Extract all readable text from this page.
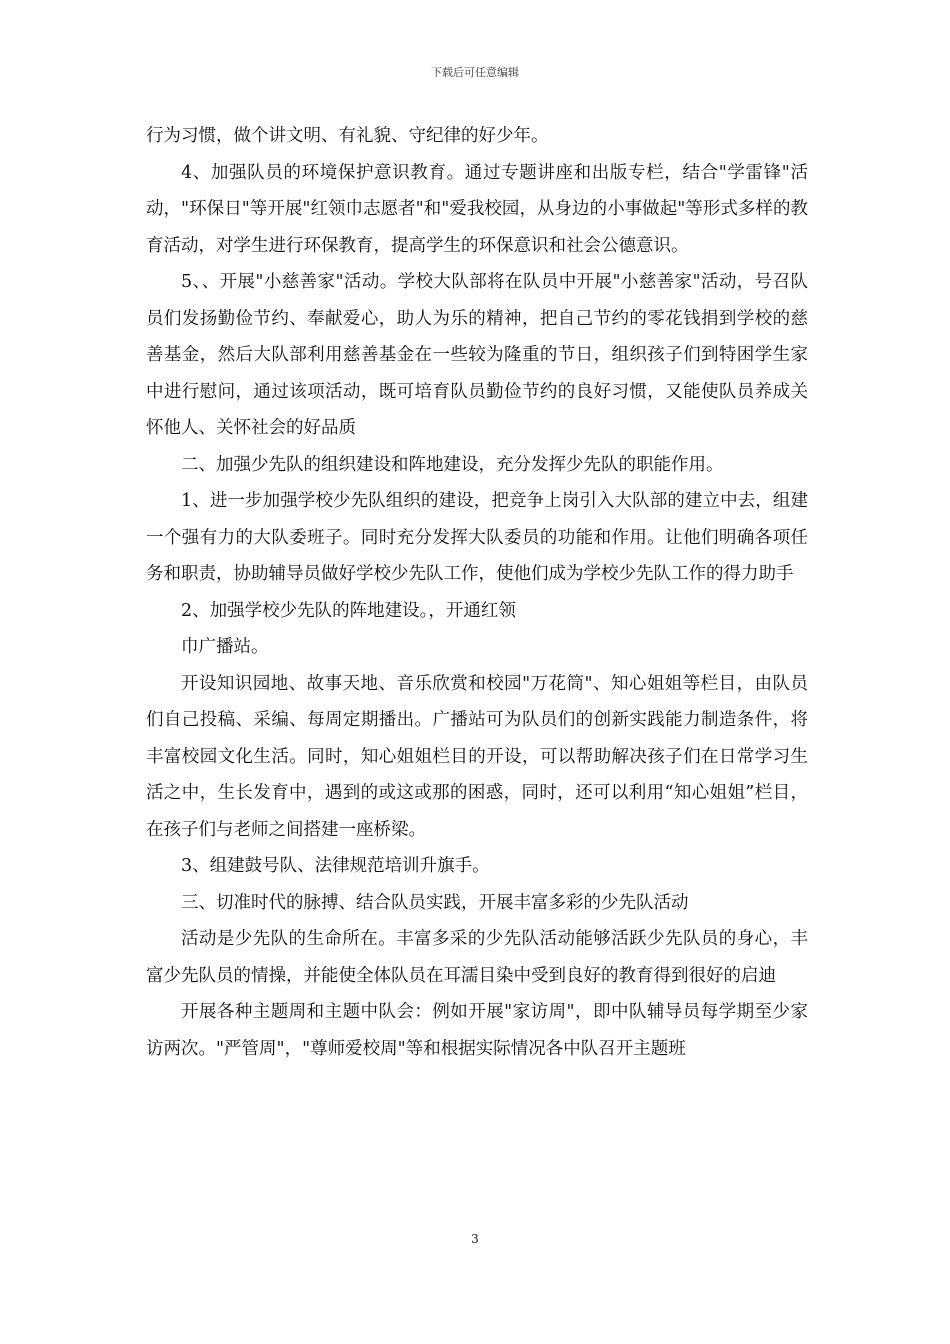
下载后可任意编辑

行为习惯，做个讲文明、有礼貌、守纪律的好少年。

4、加强队员的环境保护意识教育。通过专题讲座和出版专栏，结合"学雷锋"活动，"环保日"等开展"红领巾志愿者"和"爱我校园，从身边的小事做起"等形式多样的教育活动，对学生进行环保教育，提高学生的环保意识和社会公德意识。

5、、开展"小慈善家"活动。学校大队部将在队员中开展"小慈善家"活动，号召队员们发扬勤俭节约、奉献爱心，助人为乐的精神，把自己节约的零花钱捐到学校的慈善基金，然后大队部利用慈善基金在一些较为隆重的节日，组织孩子们到特困学生家中进行慰问，通过该项活动，既可培育队员勤俭节约的良好习惯，又能使队员养成关怀他人、关怀社会的好品质

二、加强少先队的组织建设和阵地建设，充分发挥少先队的职能作用。

1、进一步加强学校少先队组织的建设，把竞争上岗引入大队部的建立中去，组建一个强有力的大队委班子。同时充分发挥大队委员的功能和作用。让他们明确各项任务和职责，协助辅导员做好学校少先队工作，使他们成为学校少先队工作的得力助手

2、加强学校少先队的阵地建设。，开通红领

巾广播站。

开设知识园地、故事天地、音乐欣赏和校园"万花筒"、知心姐姐等栏目，由队员们自己投稿、采编、每周定期播出。广播站可为队员们的创新实践能力制造条件，将丰富校园文化生活。同时，知心姐姐栏目的开设，可以帮助解决孩子们在日常学习生活之中，生长发育中，遇到的或这或那的困惑，同时，还可以利用“知心姐姐”栏目，在孩子们与老师之间搭建一座桥梁。

3、组建鼓号队、法律规范培训升旗手。

三、切准时代的脉搏、结合队员实践，开展丰富多彩的少先队活动

活动是少先队的生命所在。丰富多采的少先队活动能够活跃少先队员的身心，丰富少先队员的情操，并能使全体队员在耳濡目染中受到良好的教育得到很好的启迪

开展各种主题周和主题中队会：例如开展"家访周"，即中队辅导员每学期至少家访两次。"严管周"，"尊师爱校周"等和根据实际情况各中队召开主题班

3
